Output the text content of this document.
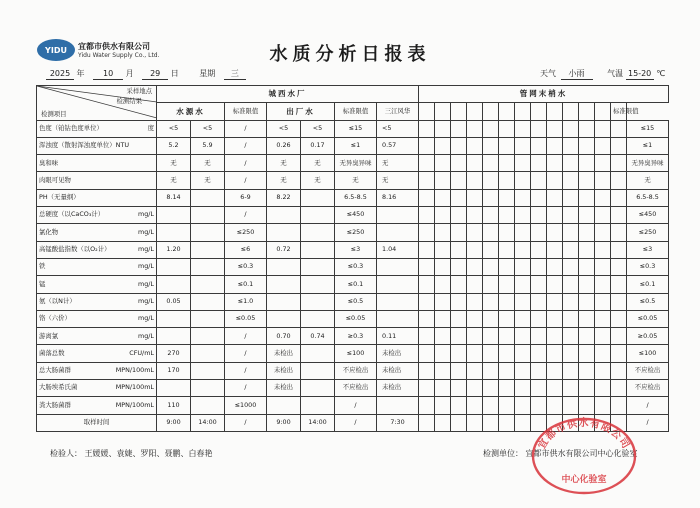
YIDU 宜都市供水有限公司
Yidu Water Supply Co., Ltd.	水质分析日报表
2025 年 10 月 29 日	星期 三	天气 小雨	气温 15-20 ℃
采样地点
检测结果
检测项目	城西水厂							管网末梢水													
	水源水		标准限值	出厂水		标准限值	三江风华													标准限值	
色度（铂钴色度单位） 度	<5	<5	/	<5	<5	≤15	<5														≤15
浑浊度（散射浑浊度单位）NTU	5.2	5.9	/	0.26	0.17	≤1	0.57														≤1
臭和味	无	无	/	无	无	无异臭异味	无														无异臭异味
肉眼可见物	无	无	/	无	无	无	无														无
PH（无量纲）	8.14		6-9	8.22		6.5-8.5	8.16														6.5-8.5
总硬度（以CaCO₃计） mg/L			/			≤450															≤450
氯化物 mg/L			≤250			≤250															≤250
高锰酸盐指数（以O₂计） mg/L	1.20		≤6	0.72		≤3	1.04														≤3
铁 mg/L			≤0.3			≤0.3															≤0.3
锰 mg/L			≤0.1			≤0.1															≤0.1
氨（以N计） mg/L	0.05		≤1.0			≤0.5															≤0.5
铬（六价） mg/L			≤0.05			≤0.05															≤0.05
游离氯 mg/L			/	0.70	0.74	≥0.3	0.11														≥0.05
菌落总数 CFU/mL	270		/	未检出		≤100	未检出														≤100
总大肠菌群 MPN/100mL	170		/	未检出		不应检出	未检出														不应检出
大肠埃希氏菌 MPN/100mL			/	未检出		不应检出	未检出														不应检出
粪大肠菌群 MPN/100mL	110		≤1000			/															/
取样时间	9:00	14:00	/	9:00	14:00	/	7:30														/
检验人： 王媛媛、袁婕、罗阳、聂鹏、白春艳	检测单位： 宜都市供水有限公司中心化验室
宜都市供水有限公司
中心化验室
